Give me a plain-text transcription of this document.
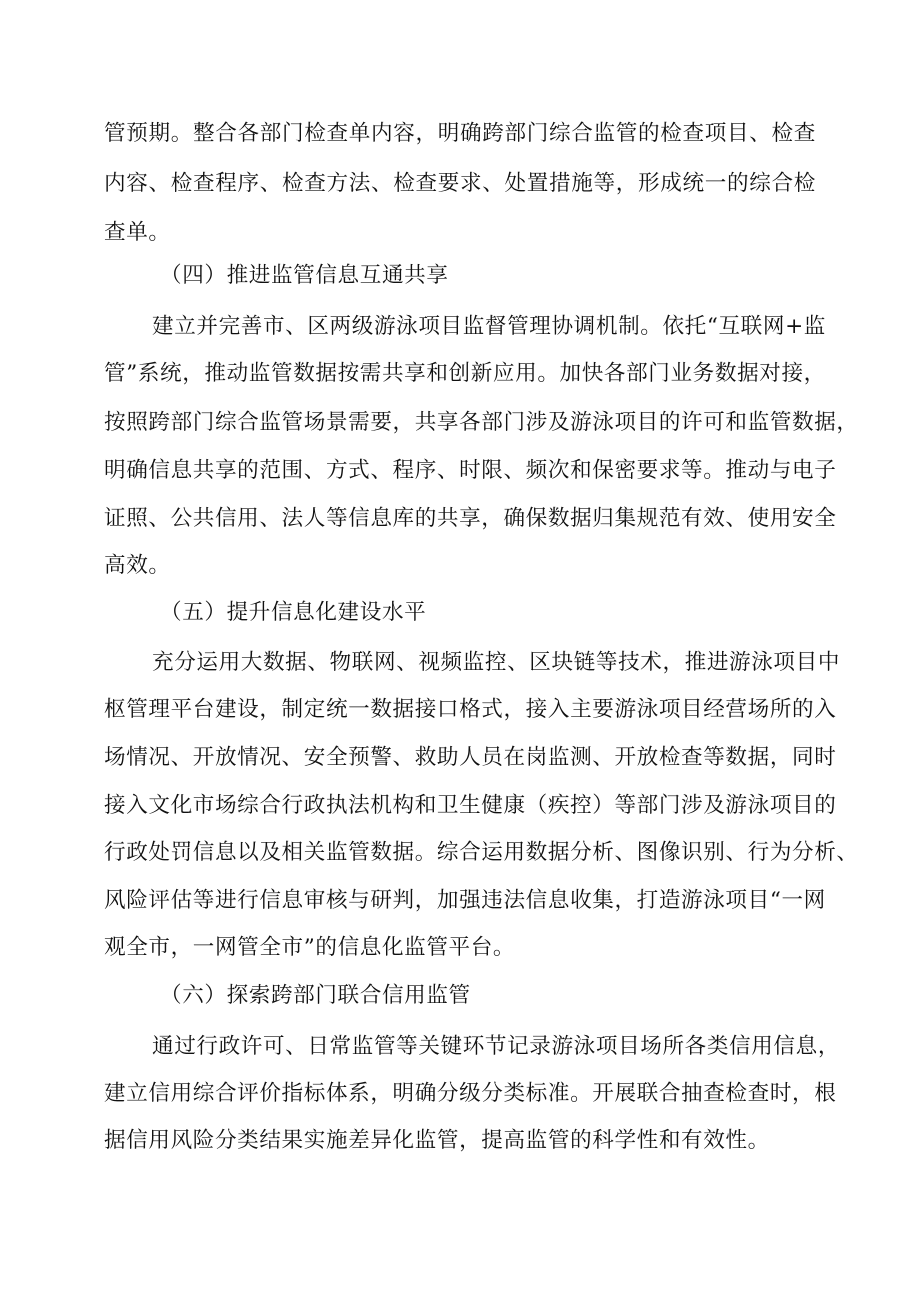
管预期。整合各部门检查单内容，明确跨部门综合监管的检查项目、检查
内容、检查程序、检查方法、检查要求、处置措施等，形成统一的综合检
查单。
（四）推进监管信息互通共享
建立并完善市、区两级游泳项目监督管理协调机制。依托“互联网+监
管”系统，推动监管数据按需共享和创新应用。加快各部门业务数据对接，
按照跨部门综合监管场景需要，共享各部门涉及游泳项目的许可和监管数据，
明确信息共享的范围、方式、程序、时限、频次和保密要求等。推动与电子
证照、公共信用、法人等信息库的共享，确保数据归集规范有效、使用安全
高效。
（五）提升信息化建设水平
充分运用大数据、物联网、视频监控、区块链等技术，推进游泳项目中
枢管理平台建设，制定统一数据接口格式，接入主要游泳项目经营场所的入
场情况、开放情况、安全预警、救助人员在岗监测、开放检查等数据，同时
接入文化市场综合行政执法机构和卫生健康（疾控）等部门涉及游泳项目的
行政处罚信息以及相关监管数据。综合运用数据分析、图像识别、行为分析、
风险评估等进行信息审核与研判，加强违法信息收集，打造游泳项目“一网
观全市，一网管全市”的信息化监管平台。
（六）探索跨部门联合信用监管
通过行政许可、日常监管等关键环节记录游泳项目场所各类信用信息，
建立信用综合评价指标体系，明确分级分类标准。开展联合抽查检查时，根
据信用风险分类结果实施差异化监管，提高监管的科学性和有效性。
